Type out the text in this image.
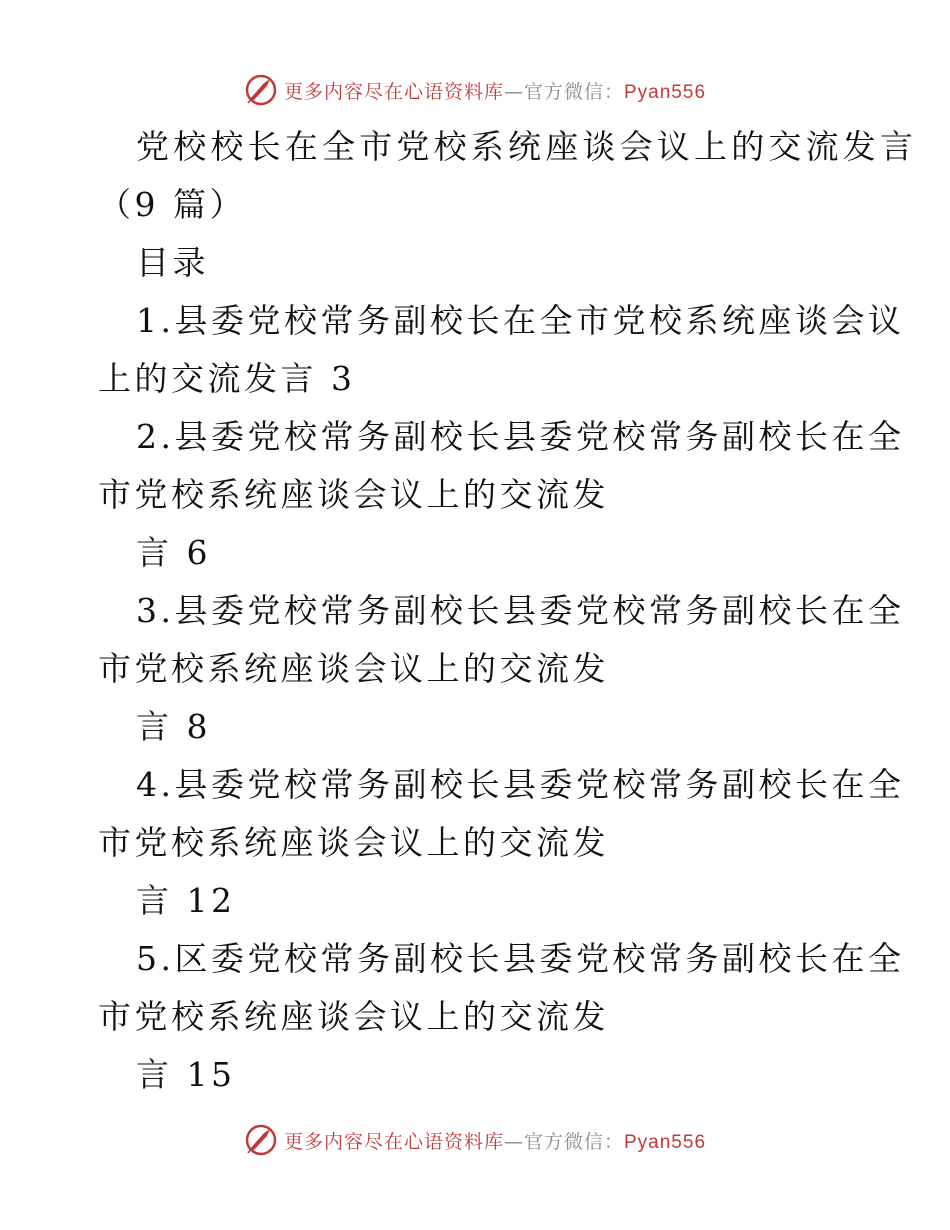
更多内容尽在心语资料库—官方微信：Pyan556
党校校长在全市党校系统座谈会议上的交流发言
（9 篇）
目录
1.县委党校常务副校长在全市党校系统座谈会议
上的交流发言 3
2.县委党校常务副校长县委党校常务副校长在全
市党校系统座谈会议上的交流发
言 6
3.县委党校常务副校长县委党校常务副校长在全
市党校系统座谈会议上的交流发
言 8
4.县委党校常务副校长县委党校常务副校长在全
市党校系统座谈会议上的交流发
言 12
5.区委党校常务副校长县委党校常务副校长在全
市党校系统座谈会议上的交流发
言 15
更多内容尽在心语资料库—官方微信：Pyan556
